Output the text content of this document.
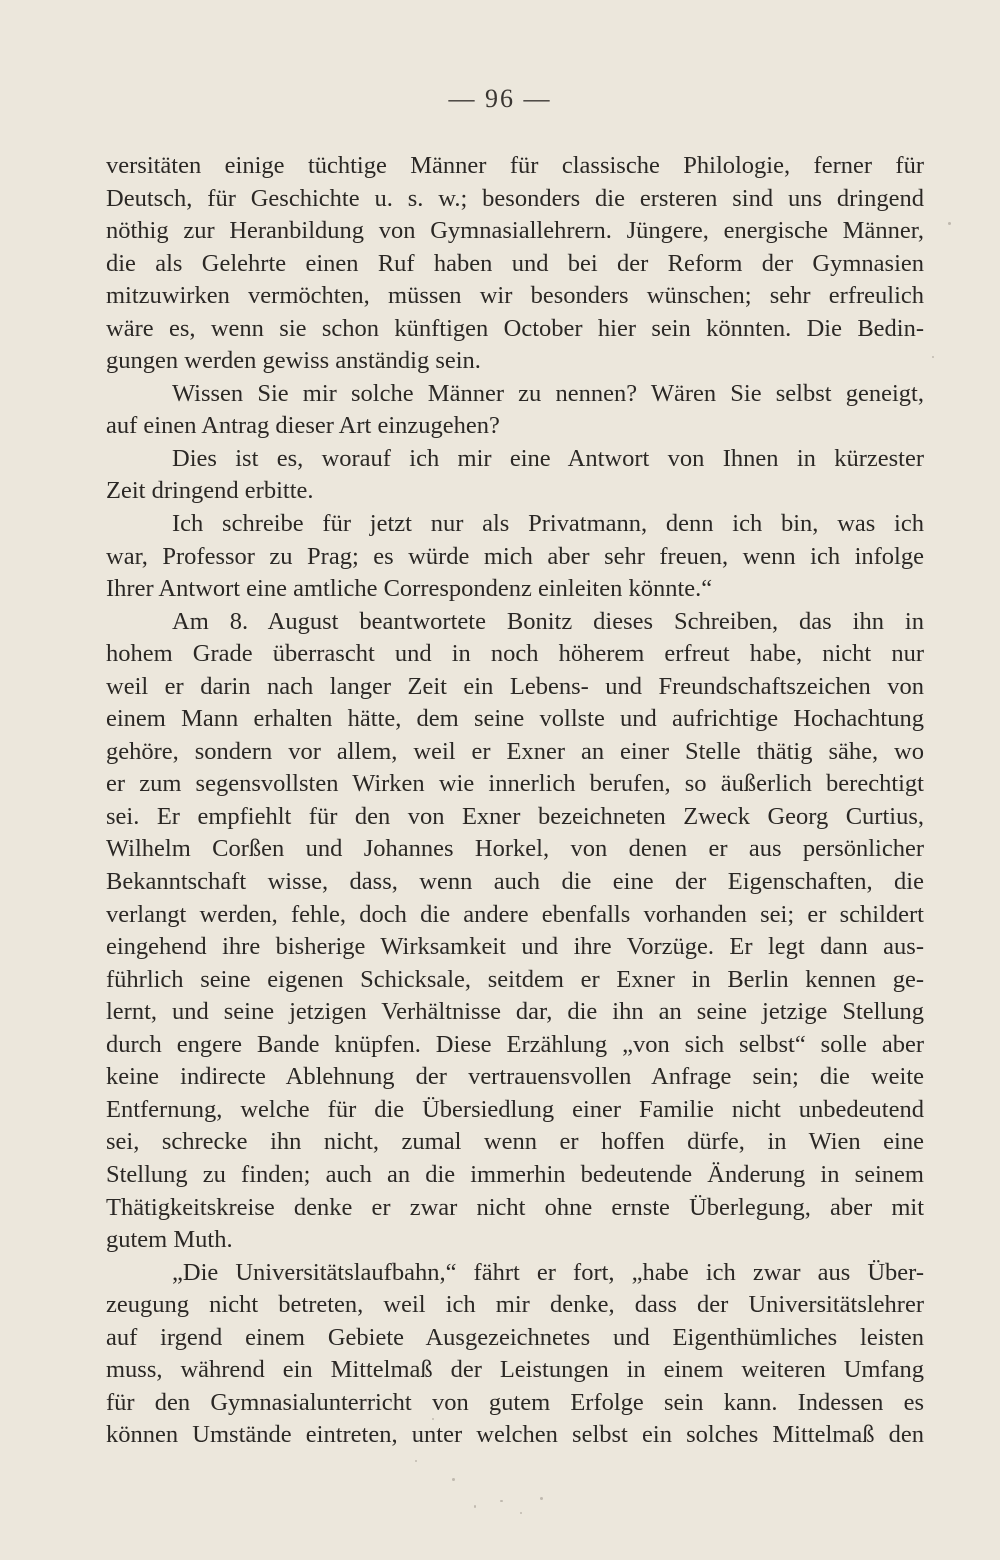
— 96 —
versitäten einige tüchtige Männer für classische Philologie, ferner für
Deutsch, für Geschichte u. s. w.; besonders die ersteren sind uns dringend
nöthig zur Heranbildung von Gymnasiallehrern. Jüngere, energische Männer,
die als Gelehrte einen Ruf haben und bei der Reform der Gymnasien
mitzuwirken vermöchten, müssen wir besonders wünschen; sehr erfreulich
wäre es, wenn sie schon künftigen October hier sein könnten. Die Bedin-
gungen werden gewiss anständig sein.
Wissen Sie mir solche Männer zu nennen? Wären Sie selbst geneigt,
auf einen Antrag dieser Art einzugehen?
Dies ist es, worauf ich mir eine Antwort von Ihnen in kürzester
Zeit dringend erbitte.
Ich schreibe für jetzt nur als Privatmann, denn ich bin, was ich
war, Professor zu Prag; es würde mich aber sehr freuen, wenn ich infolge
Ihrer Antwort eine amtliche Correspondenz einleiten könnte.“
Am 8. August beantwortete Bonitz dieses Schreiben, das ihn in
hohem Grade überrascht und in noch höherem erfreut habe, nicht nur
weil er darin nach langer Zeit ein Lebens- und Freundschaftszeichen von
einem Mann erhalten hätte, dem seine vollste und aufrichtige Hochachtung
gehöre, sondern vor allem, weil er Exner an einer Stelle thätig sähe, wo
er zum segensvollsten Wirken wie innerlich berufen, so äußerlich berechtigt
sei. Er empfiehlt für den von Exner bezeichneten Zweck Georg Curtius,
Wilhelm Corßen und Johannes Horkel, von denen er aus persönlicher
Bekanntschaft wisse, dass, wenn auch die eine der Eigenschaften, die
verlangt werden, fehle, doch die andere ebenfalls vorhanden sei; er schildert
eingehend ihre bisherige Wirksamkeit und ihre Vorzüge. Er legt dann aus-
führlich seine eigenen Schicksale, seitdem er Exner in Berlin kennen ge-
lernt, und seine jetzigen Verhältnisse dar, die ihn an seine jetzige Stellung
durch engere Bande knüpfen. Diese Erzählung „von sich selbst“ solle aber
keine indirecte Ablehnung der vertrauensvollen Anfrage sein; die weite
Entfernung, welche für die Übersiedlung einer Familie nicht unbedeutend
sei, schrecke ihn nicht, zumal wenn er hoffen dürfe, in Wien eine
Stellung zu finden; auch an die immerhin bedeutende Änderung in seinem
Thätigkeitskreise denke er zwar nicht ohne ernste Überlegung, aber mit
gutem Muth.
„Die Universitätslaufbahn,“ fährt er fort, „habe ich zwar aus Über-
zeugung nicht betreten, weil ich mir denke, dass der Universitätslehrer
auf irgend einem Gebiete Ausgezeichnetes und Eigenthümliches leisten
muss, während ein Mittelmaß der Leistungen in einem weiteren Umfang
für den Gymnasialunterricht von gutem Erfolge sein kann. Indessen es
können Umstände eintreten, unter welchen selbst ein solches Mittelmaß den
